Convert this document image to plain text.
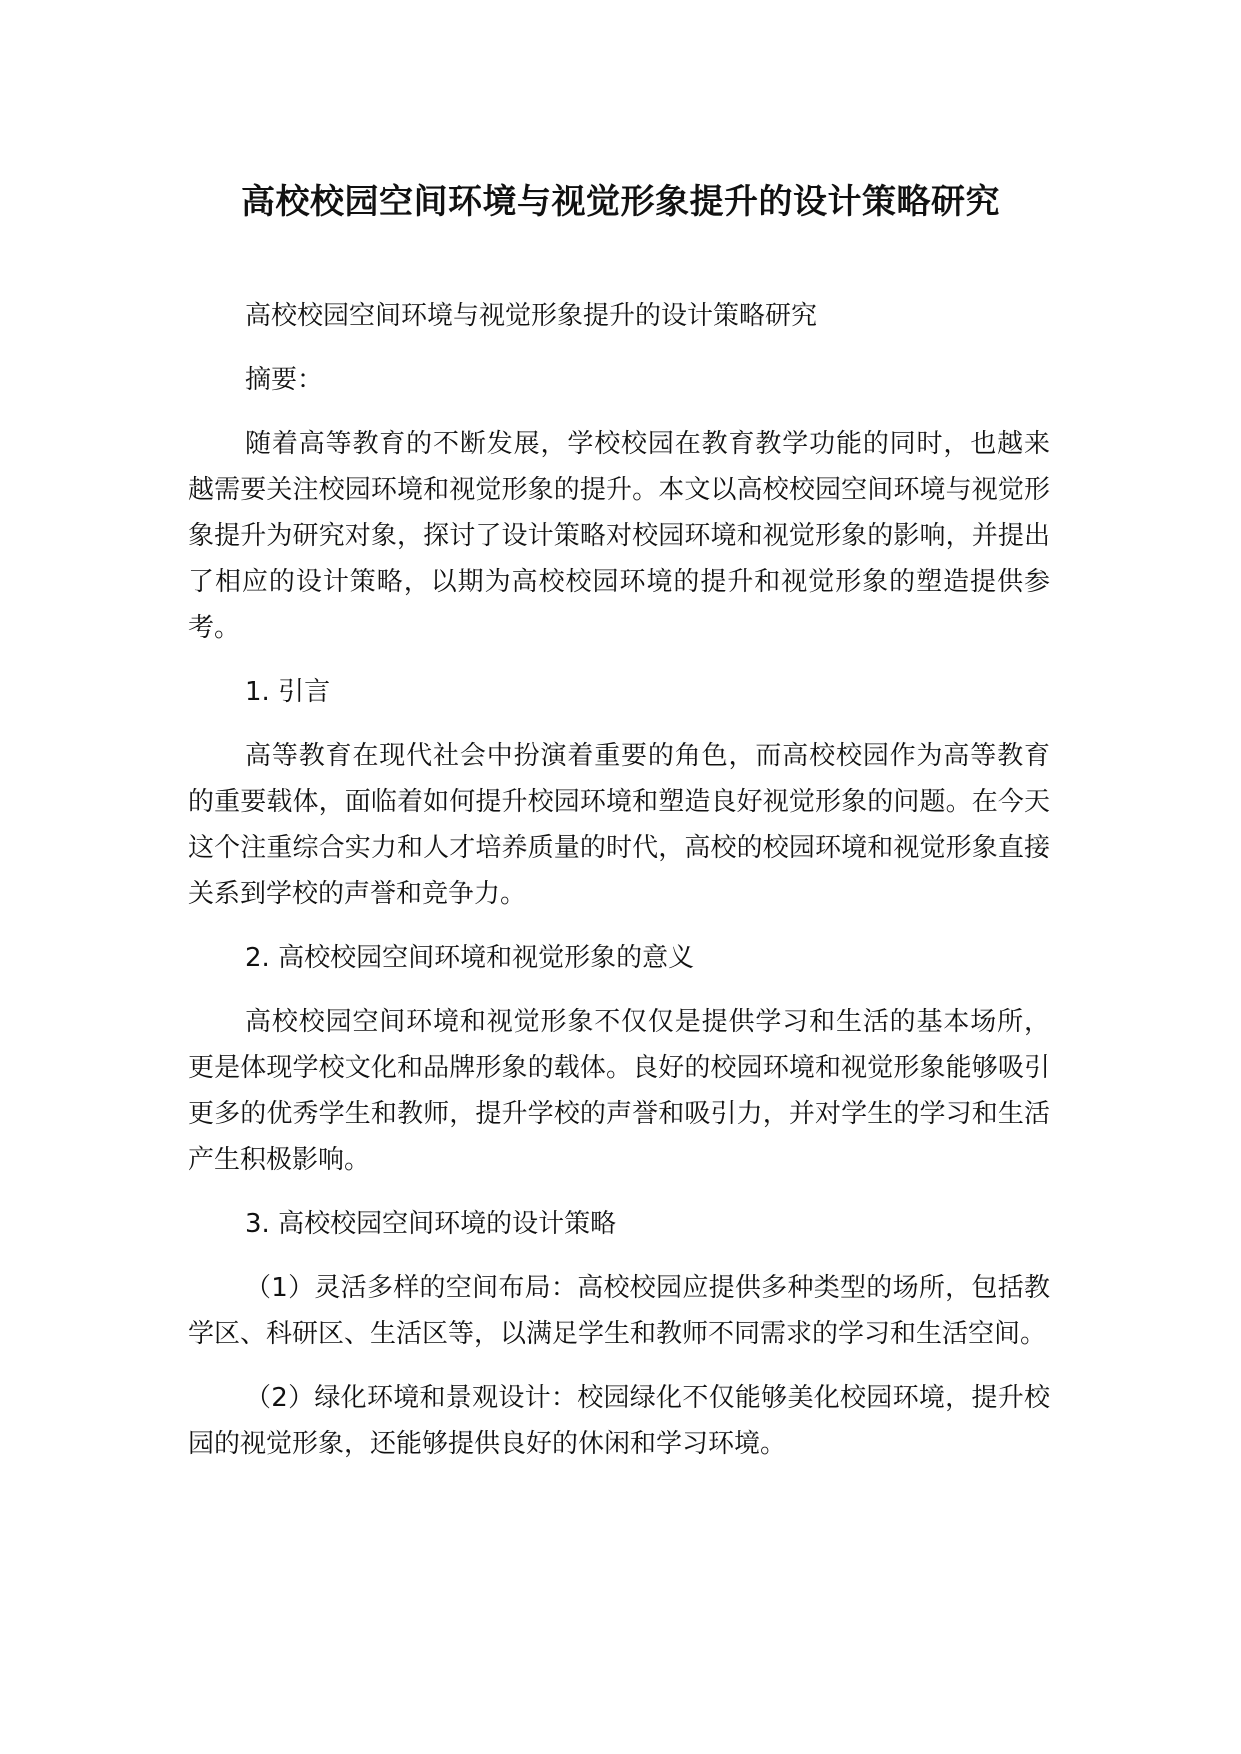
高校校园空间环境与视觉形象提升的设计策略研究

高校校园空间环境与视觉形象提升的设计策略研究

摘要：

随着高等教育的不断发展，学校校园在教育教学功能的同时，也越来越需要关注校园环境和视觉形象的提升。本文以高校校园空间环境与视觉形象提升为研究对象，探讨了设计策略对校园环境和视觉形象的影响，并提出了相应的设计策略，以期为高校校园环境的提升和视觉形象的塑造提供参考。

1. 引言

高等教育在现代社会中扮演着重要的角色，而高校校园作为高等教育的重要载体，面临着如何提升校园环境和塑造良好视觉形象的问题。在今天这个注重综合实力和人才培养质量的时代，高校的校园环境和视觉形象直接关系到学校的声誉和竞争力。

2. 高校校园空间环境和视觉形象的意义

高校校园空间环境和视觉形象不仅仅是提供学习和生活的基本场所，更是体现学校文化和品牌形象的载体。良好的校园环境和视觉形象能够吸引更多的优秀学生和教师，提升学校的声誉和吸引力，并对学生的学习和生活产生积极影响。

3. 高校校园空间环境的设计策略

（1）灵活多样的空间布局：高校校园应提供多种类型的场所，包括教学区、科研区、生活区等，以满足学生和教师不同需求的学习和生活空间。

（2）绿化环境和景观设计：校园绿化不仅能够美化校园环境，提升校园的视觉形象，还能够提供良好的休闲和学习环境。
